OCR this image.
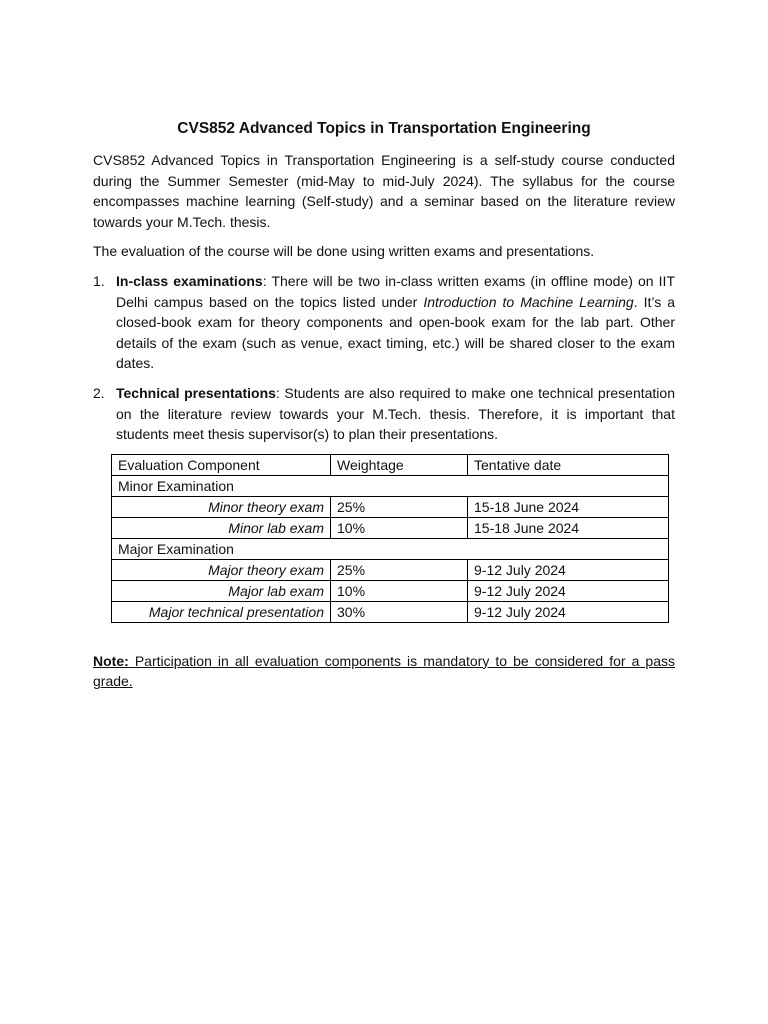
CVS852 Advanced Topics in Transportation Engineering

CVS852 Advanced Topics in Transportation Engineering is a self-study course conducted during the Summer Semester (mid-May to mid-July 2024). The syllabus for the course encompasses machine learning (Self-study) and a seminar based on the literature review towards your M.Tech. thesis.

The evaluation of the course will be done using written exams and presentations.

1. In-class examinations: There will be two in-class written exams (in offline mode) on IIT Delhi campus based on the topics listed under Introduction to Machine Learning. It’s a closed-book exam for theory components and open-book exam for the lab part. Other details of the exam (such as venue, exact timing, etc.) will be shared closer to the exam dates.
2. Technical presentations: Students are also required to make one technical presentation on the literature review towards your M.Tech. thesis. Therefore, it is important that students meet thesis supervisor(s) to plan their presentations.
Evaluation Component	Weightage	Tentative date
Minor Examination		
Minor theory exam	25%	15-18 June 2024
Minor lab exam	10%	15-18 June 2024
Major Examination		
Major theory exam	25%	9-12 July 2024
Major lab exam	10%	9-12 July 2024
Major technical presentation	30%	9-12 July 2024
Note: Participation in all evaluation components is mandatory to be considered for a pass grade.
